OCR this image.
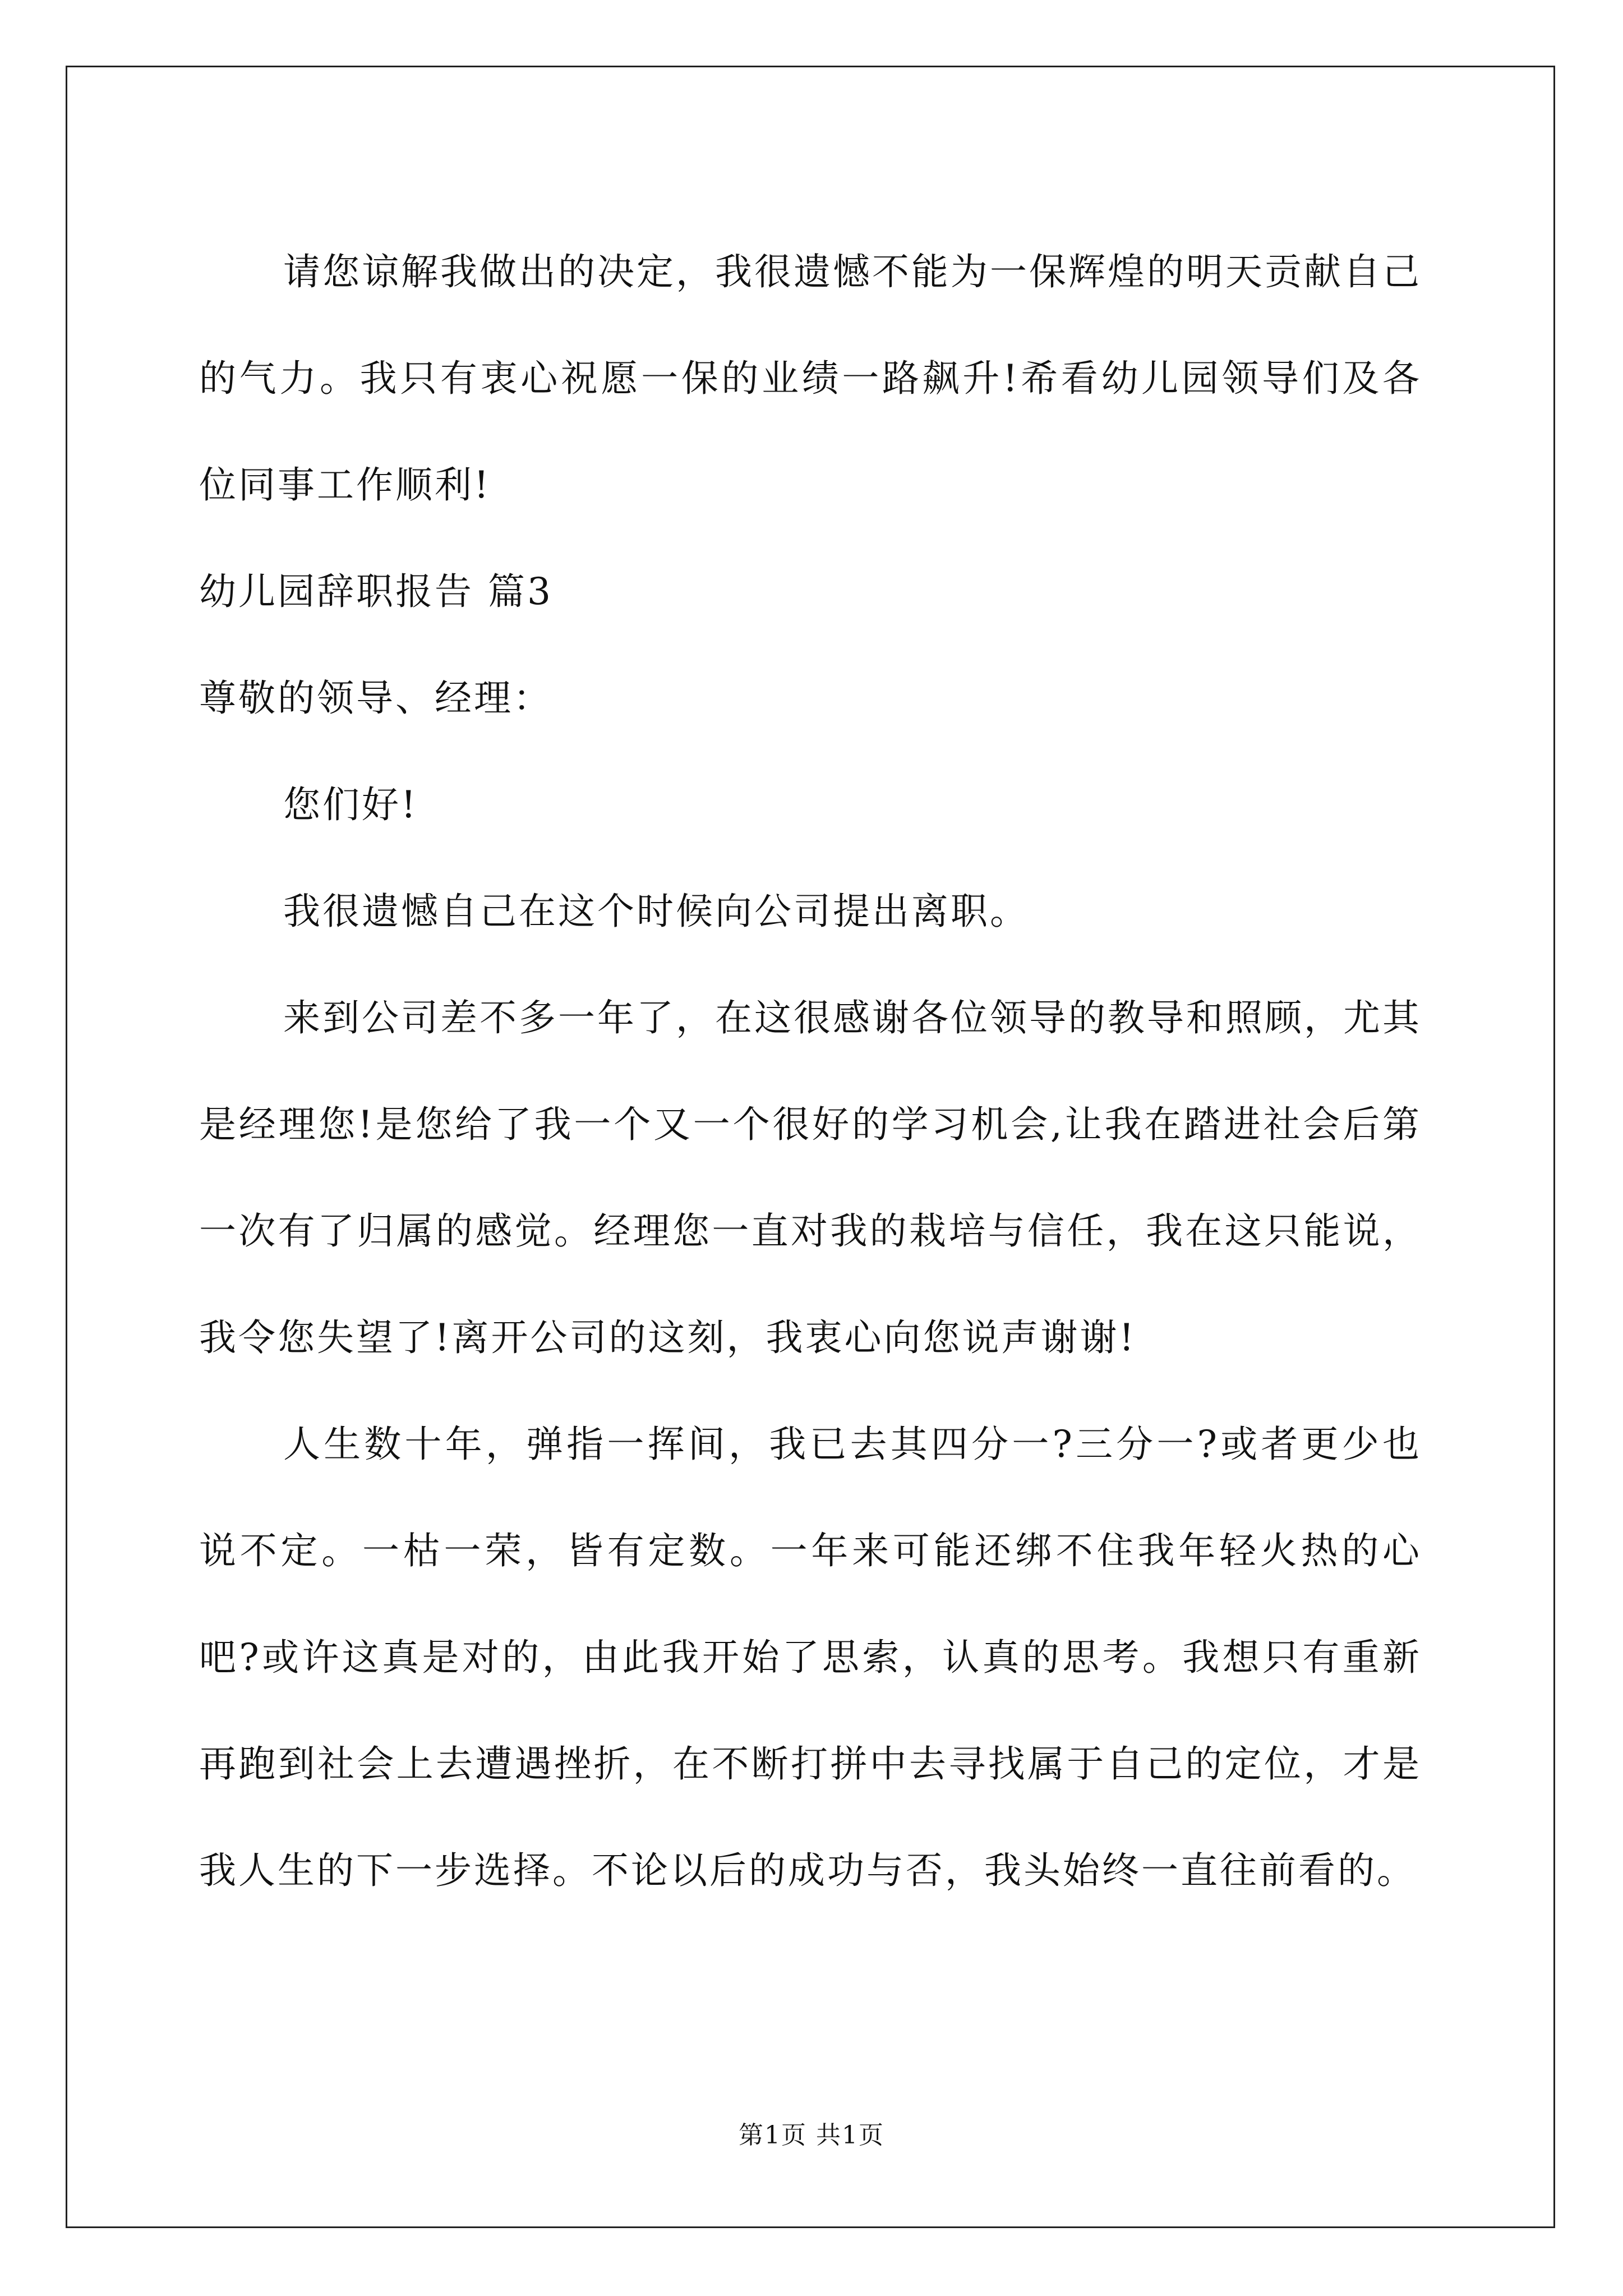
请您谅解我做出的决定，我很遗憾不能为一保辉煌的明天贡献自己的气力。我只有衷心祝愿一保的业绩一路飙升!希看幼儿园领导们及各位同事工作顺利!

幼儿园辞职报告 篇3

尊敬的领导、经理：

您们好!

我很遗憾自己在这个时候向公司提出离职。

来到公司差不多一年了，在这很感谢各位领导的教导和照顾，尤其是经理您!是您给了我一个又一个很好的学习机会,让我在踏进社会后第一次有了归属的感觉。经理您一直对我的栽培与信任，我在这只能说，我令您失望了!离开公司的这刻，我衷心向您说声谢谢!

人生数十年，弹指一挥间，我已去其四分一?三分一?或者更少也说不定。一枯一荣，皆有定数。一年来可能还绑不住我年轻火热的心吧?或许这真是对的，由此我开始了思索，认真的思考。我想只有重新再跑到社会上去遭遇挫折，在不断打拼中去寻找属于自己的定位，才是我人生的下一步选择。不论以后的成功与否，我头始终一直往前看的。

第1页 共1页
